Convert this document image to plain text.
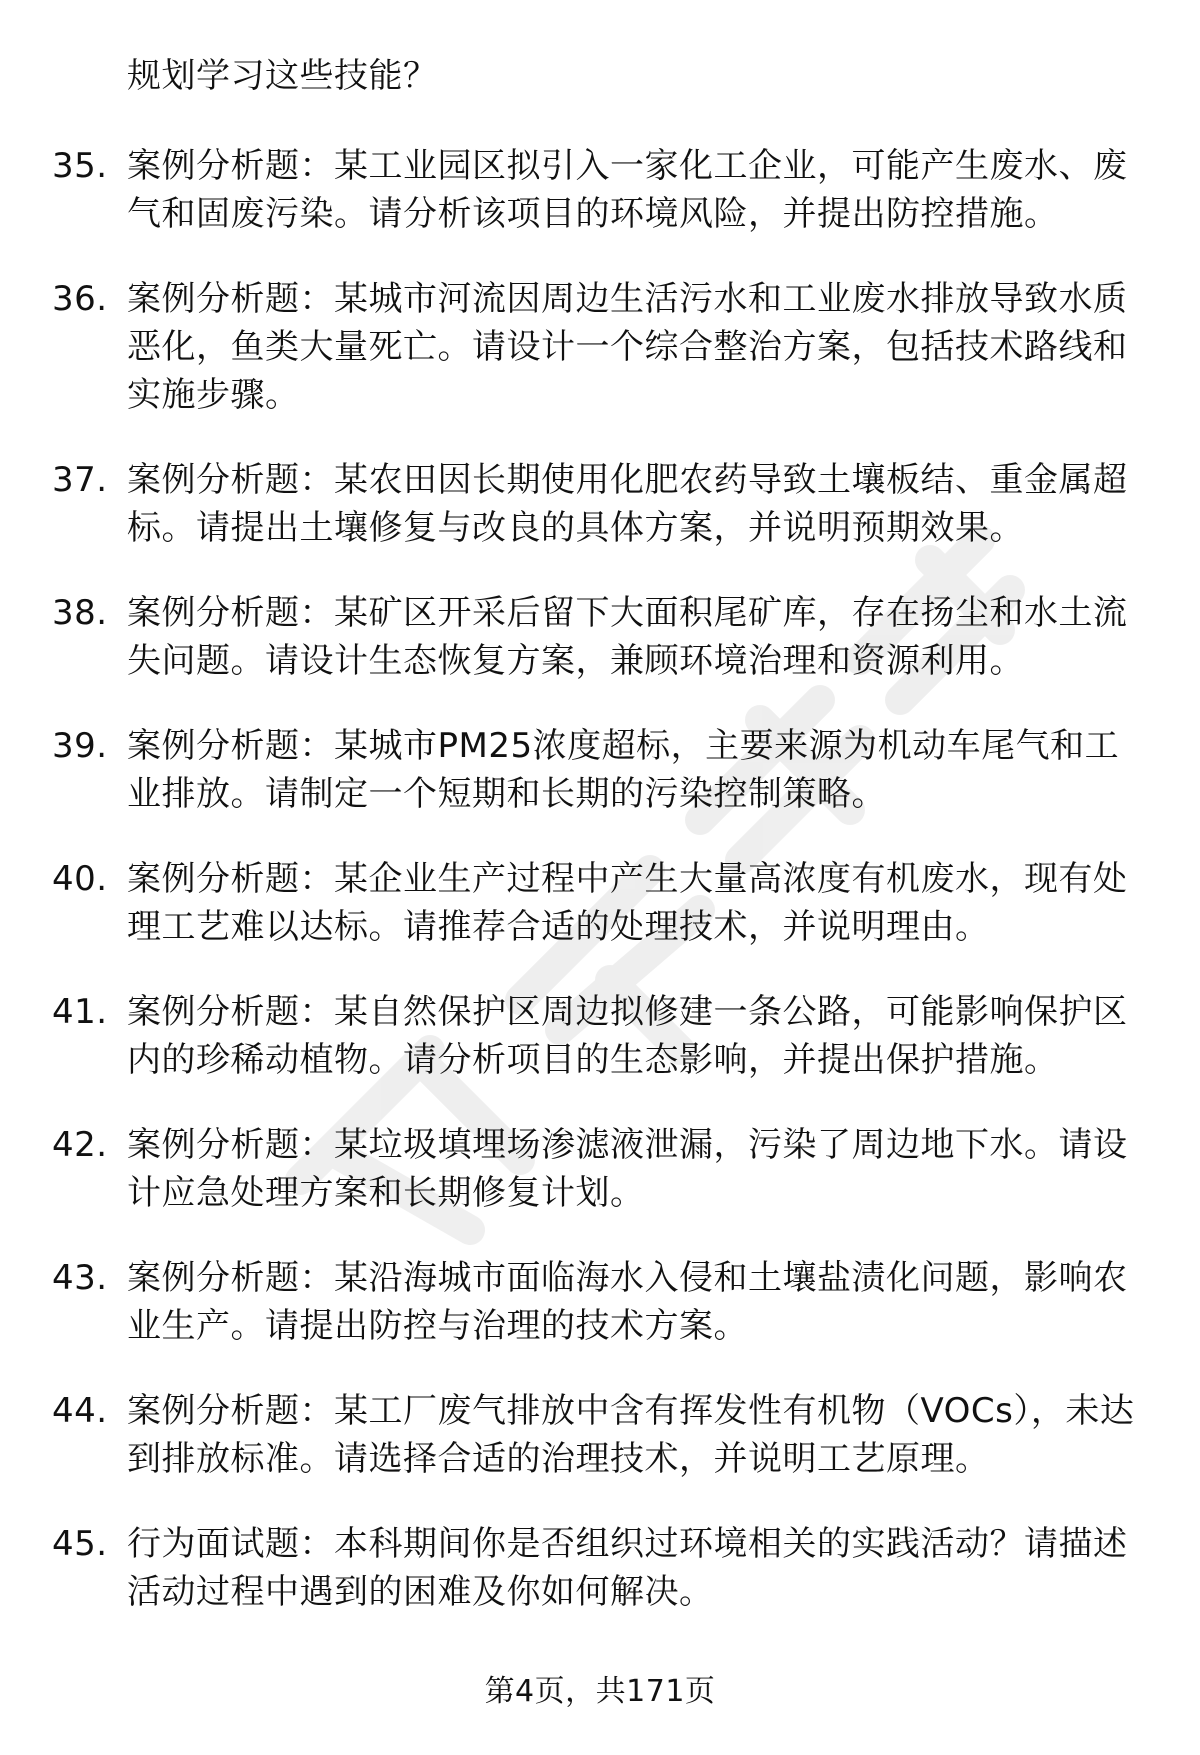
规划学习这些技能？

35. 案例分析题：某工业园区拟引入一家化工企业，可能产生废水、废气和固废污染。请分析该项目的环境风险，并提出防控措施。
36. 案例分析题：某城市河流因周边生活污水和工业废水排放导致水质恶化，鱼类大量死亡。请设计一个综合整治方案，包括技术路线和实施步骤。
37. 案例分析题：某农田因长期使用化肥农药导致土壤板结、重金属超标。请提出土壤修复与改良的具体方案，并说明预期效果。
38. 案例分析题：某矿区开采后留下大面积尾矿库，存在扬尘和水土流失问题。请设计生态恢复方案，兼顾环境治理和资源利用。
39. 案例分析题：某城市PM25浓度超标，主要来源为机动车尾气和工业排放。请制定一个短期和长期的污染控制策略。
40. 案例分析题：某企业生产过程中产生大量高浓度有机废水，现有处理工艺难以达标。请推荐合适的处理技术，并说明理由。
41. 案例分析题：某自然保护区周边拟修建一条公路，可能影响保护区内的珍稀动植物。请分析项目的生态影响，并提出保护措施。
42. 案例分析题：某垃圾填埋场渗滤液泄漏，污染了周边地下水。请设计应急处理方案和长期修复计划。
43. 案例分析题：某沿海城市面临海水入侵和土壤盐渍化问题，影响农业生产。请提出防控与治理的技术方案。
44. 案例分析题：某工厂废气排放中含有挥发性有机物（VOCs），未达到排放标准。请选择合适的治理技术，并说明工艺原理。
45. 行为面试题：本科期间你是否组织过环境相关的实践活动？请描述活动过程中遇到的困难及你如何解决。
第4页，共171页
